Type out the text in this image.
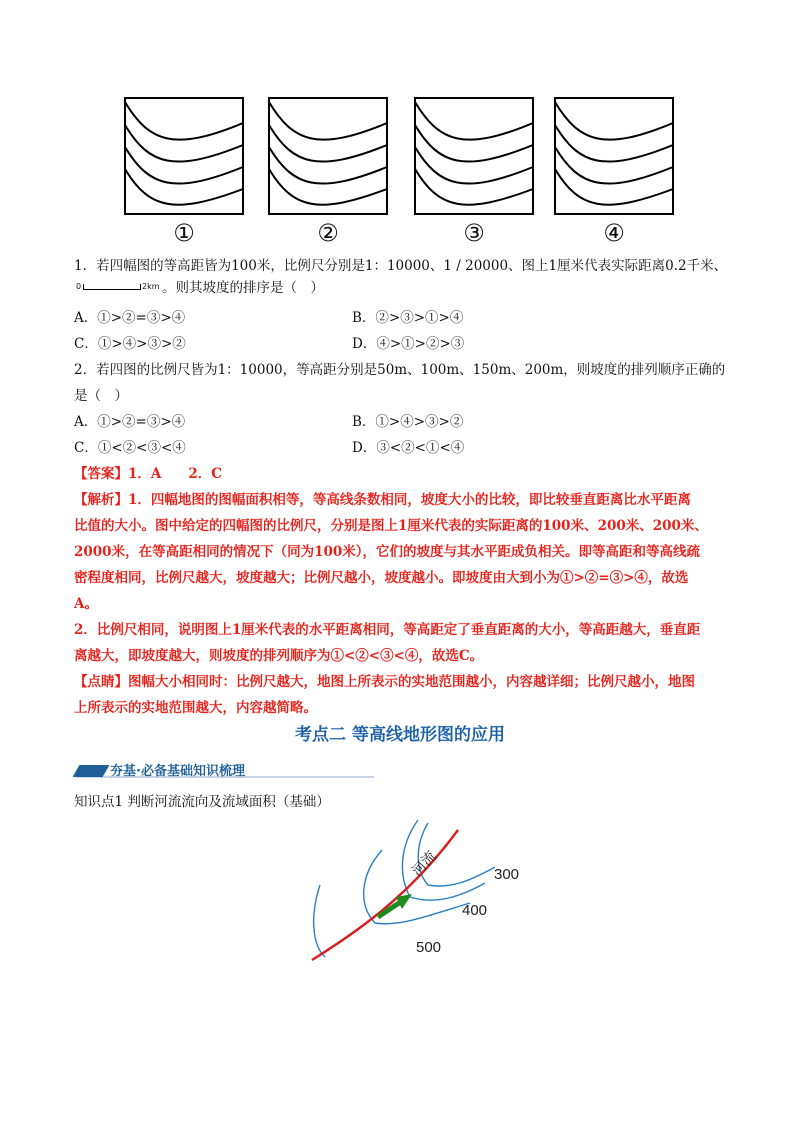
①	②	③	④
1．若四幅图的等高距皆为100米，比例尺分别是1：10000、1 / 20000、图上1厘米代表实际距离0.2千米、
0	2km 。则其坡度的排序是（　）
A．①>②=③>④	B．②>③>①>④
C．①>④>③>②	D．④>①>②>③
2．若四图的比例尺皆为1：10000，等高距分别是50m、100m、150m、200m，则坡度的排列顺序正确的
是（　）
A．①>②=③>④	B．①>④>③>②
C．①<②<③<④	D．③<②<①<④
【答案】1．A　　2．C
【解析】1．四幅地图的图幅面积相等，等高线条数相同，坡度大小的比较，即比较垂直距离比水平距离
比值的大小。图中给定的四幅图的比例尺，分别是图上1厘米代表的实际距离的100米、200米、200米、
2000米，在等高距相同的情况下（同为100米），它们的坡度与其水平距成负相关。即等高距和等高线疏
密程度相同，比例尺越大，坡度越大；比例尺越小，坡度越小。即坡度由大到小为①>②=③>④，故选
A。
2．比例尺相同，说明图上1厘米代表的水平距离相同，等高距定了垂直距离的大小，等高距越大，垂直距
离越大，即坡度越大，则坡度的排列顺序为①<②<③<④，故选C。
【点睛】图幅大小相同时：比例尺越大，地图上所表示的实地范围越小，内容越详细；比例尺越小，地图
上所表示的实地范围越大，内容越简略。
考点二 等高线地形图的应用
夯基·必备基础知识梳理
知识点1 判断河流流向及流域面积（基础）
河流	300
400
500
